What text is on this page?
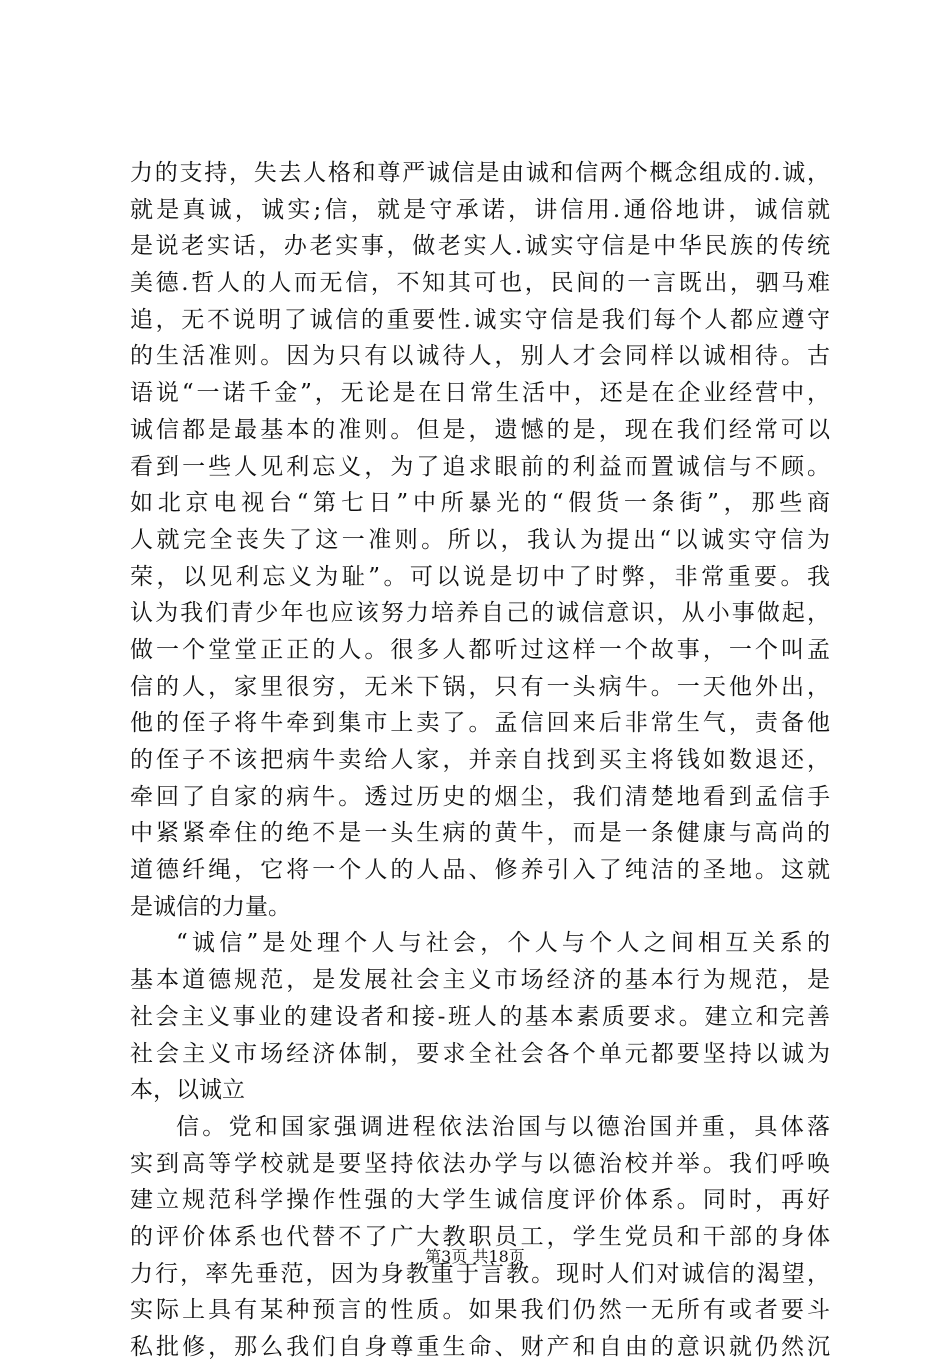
力的支持，失去人格和尊严诚信是由诚和信两个概念组成的.诚，
就是真诚，诚实;信，就是守承诺，讲信用.通俗地讲，诚信就
是说老实话，办老实事，做老实人.诚实守信是中华民族的传统
美德.哲人的人而无信，不知其可也，民间的一言既出，驷马难
追，无不说明了诚信的重要性.诚实守信是我们每个人都应遵守
的生活准则。因为只有以诚待人，别人才会同样以诚相待。古
语说“一诺千金”，无论是在日常生活中，还是在企业经营中，
诚信都是最基本的准则。但是，遗憾的是，现在我们经常可以
看到一些人见利忘义，为了追求眼前的利益而置诚信与不顾。
如北京电视台“第七日”中所暴光的“假货一条街”，那些商
人就完全丧失了这一准则。所以，我认为提出“以诚实守信为
荣，以见利忘义为耻”。可以说是切中了时弊，非常重要。我
认为我们青少年也应该努力培养自己的诚信意识，从小事做起，
做一个堂堂正正的人。很多人都听过这样一个故事，一个叫孟
信的人，家里很穷，无米下锅，只有一头病牛。一天他外出，
他的侄子将牛牵到集市上卖了。孟信回来后非常生气，责备他
的侄子不该把病牛卖给人家，并亲自找到买主将钱如数退还，
牵回了自家的病牛。透过历史的烟尘，我们清楚地看到孟信手
中紧紧牵住的绝不是一头生病的黄牛，而是一条健康与高尚的
道德纤绳，它将一个人的人品、修养引入了纯洁的圣地。这就
是诚信的力量。
“诚信”是处理个人与社会，个人与个人之间相互关系的
基本道德规范，是发展社会主义市场经济的基本行为规范，是
社会主义事业的建设者和接-班人的基本素质要求。建立和完善
社会主义市场经济体制，要求全社会各个单元都要坚持以诚为
本，以诚立
信。党和国家强调进程依法治国与以德治国并重，具体落
实到高等学校就是要坚持依法办学与以德治校并举。我们呼唤
建立规范科学操作性强的大学生诚信度评价体系。同时，再好
的评价体系也代替不了广大教职员工，学生党员和干部的身体
力行，率先垂范，因为身教重于言教。现时人们对诚信的渴望，
实际上具有某种预言的性质。如果我们仍然一无所有或者要斗
私批修，那么我们自身尊重生命、财产和自由的意识就仍然沉
第3页 共18页
